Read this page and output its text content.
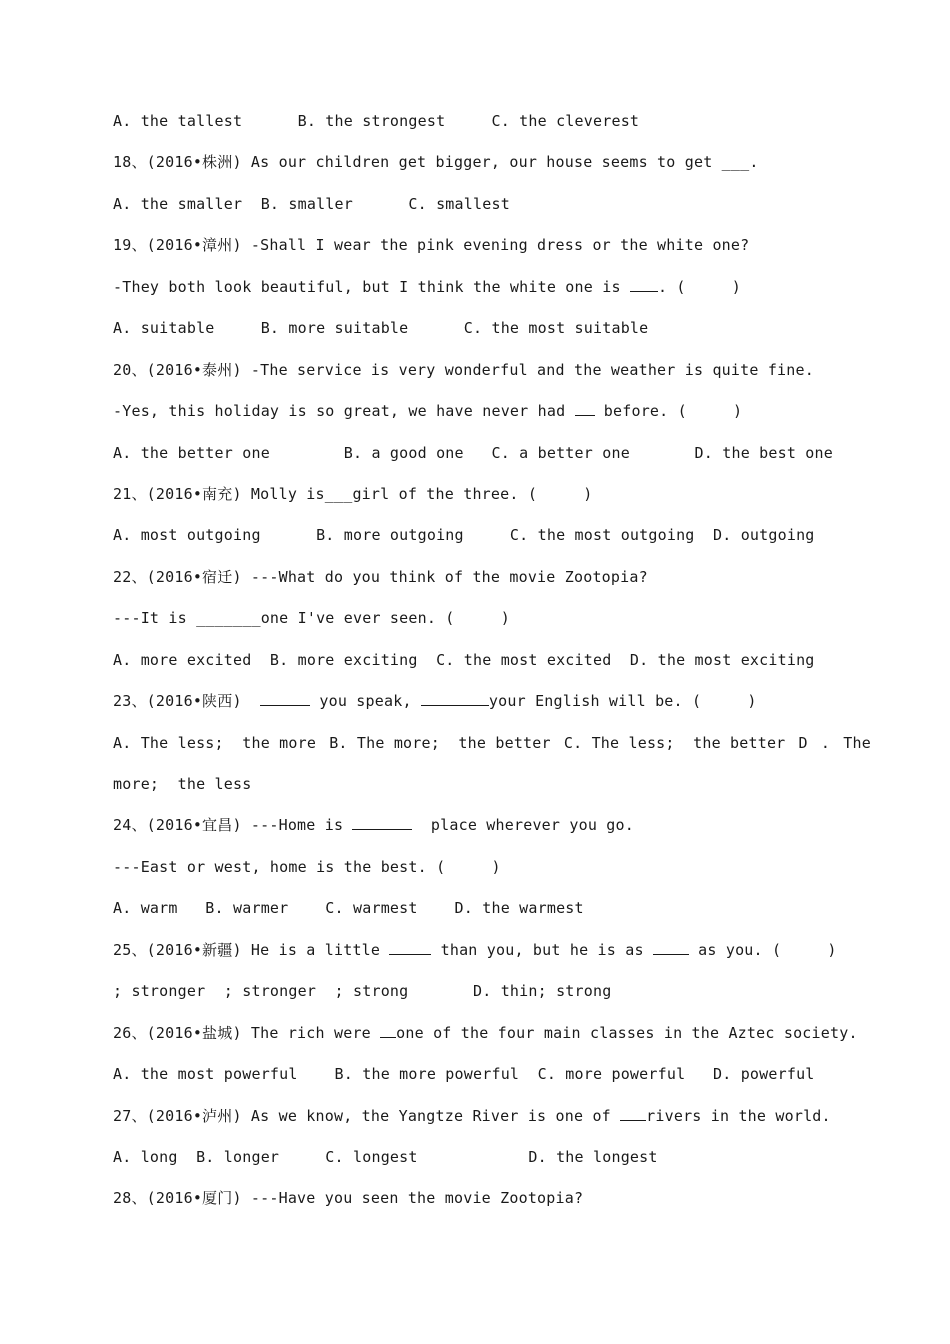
A. the tallest      B. the strongest     C. the cleverest
18、(2016•株洲) As our children get bigger, our house seems to get ___.
A. the smaller  B. smaller      C. smallest
19、(2016•漳州) -Shall I wear the pink evening dress or the white one?
-They both look beautiful, but I think the white one is . (     )
A. suitable     B. more suitable      C. the most suitable
20、(2016•泰州) -The service is very wonderful and the weather is quite fine.
-Yes, this holiday is so great, we have never had  before. (     )
A. the better one        B. a good one   C. a better one       D. the best one
21、(2016•南充) Molly is___girl of the three. (     )
A. most outgoing      B. more outgoing     C. the most outgoing  D. outgoing
22、(2016•宿迁) ---What do you think of the movie Zootopia?
---It is _______one I've ever seen. (     )
A. more excited  B. more exciting  C. the most excited  D. the most exciting
23、(2016•陕西)	you speak,	your English will be. (     )
A. The less;  the more B. The more;  the better C. The less;  the better D . The
more;  the less
24、(2016•宜昌) ---Home is	place wherever you go.
---East or west, home is the best. (     )
A. warm   B. warmer    C. warmest    D. the warmest
25、(2016•新疆) He is a little	than you, but he is as  as you. (     )
; stronger  ; stronger  ; strong       D. thin; strong
26、(2016•盐城) The rich were one of the four main classes in the Aztec society.
A. the most powerful    B. the more powerful  C. more powerful   D. powerful
27、(2016•泸州) As we know, the Yangtze River is one of rivers in the world.
A. long  B. longer     C. longest            D. the longest
28、(2016•厦门) ---Have you seen the movie Zootopia?
